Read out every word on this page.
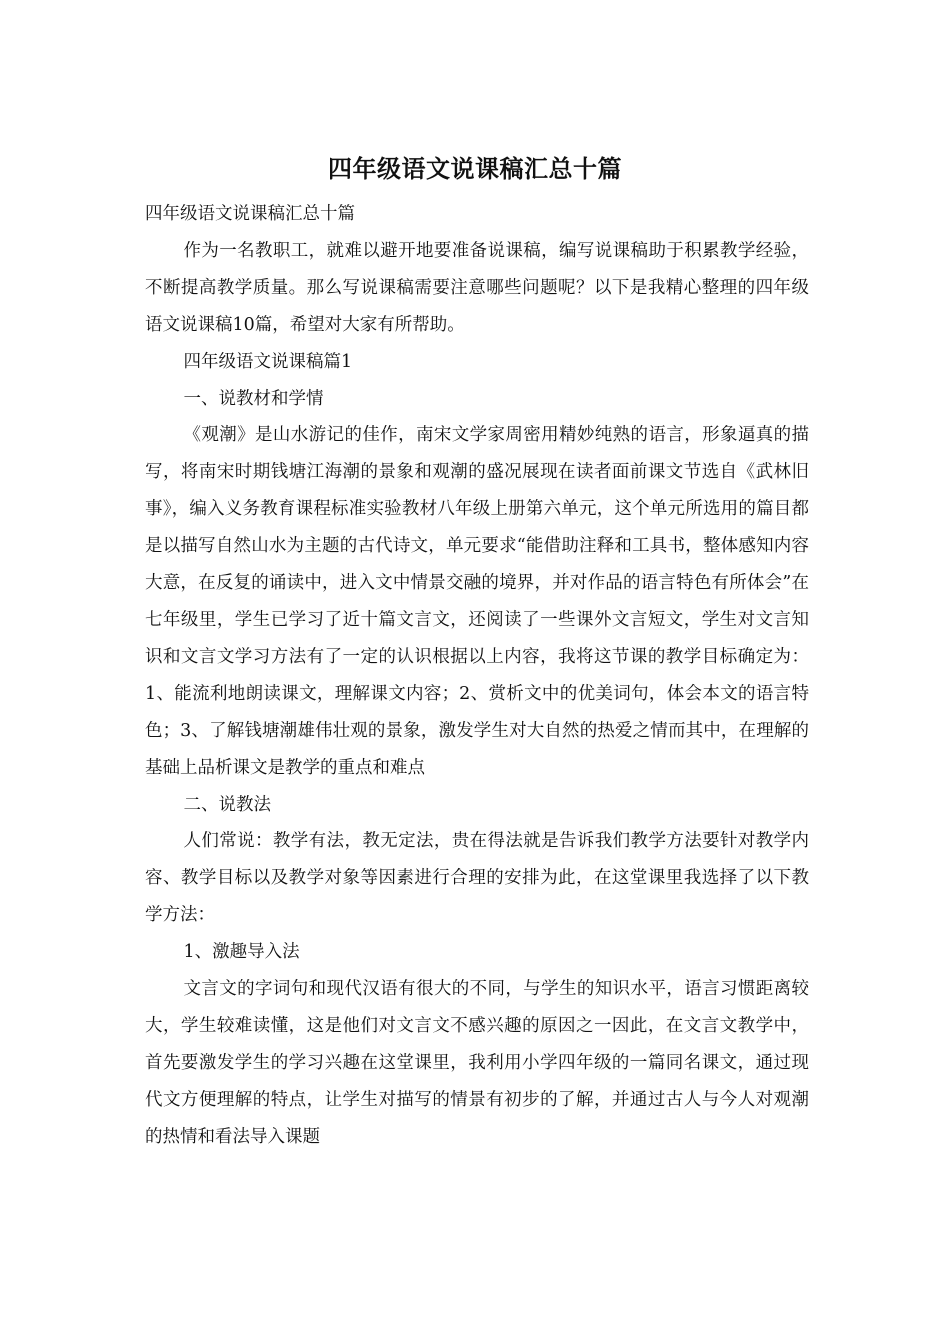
四年级语文说课稿汇总十篇

四年级语文说课稿汇总十篇

作为一名教职工，就难以避开地要准备说课稿，编写说课稿助于积累教学经验，不断提高教学质量。那么写说课稿需要注意哪些问题呢？以下是我精心整理的四年级语文说课稿10篇，希望对大家有所帮助。

四年级语文说课稿篇1

一、说教材和学情

《观潮》是山水游记的佳作，南宋文学家周密用精妙纯熟的语言，形象逼真的描写，将南宋时期钱塘江海潮的景象和观潮的盛况展现在读者面前课文节选自《武林旧事》，编入义务教育课程标准实验教材八年级上册第六单元，这个单元所选用的篇目都是以描写自然山水为主题的古代诗文，单元要求“能借助注释和工具书，整体感知内容大意，在反复的诵读中，进入文中情景交融的境界，并对作品的语言特色有所体会”在七年级里，学生已学习了近十篇文言文，还阅读了一些课外文言短文，学生对文言知识和文言文学习方法有了一定的认识根据以上内容，我将这节课的教学目标确定为：1、能流利地朗读课文，理解课文内容；2、赏析文中的优美词句，体会本文的语言特色；3、了解钱塘潮雄伟壮观的景象，激发学生对大自然的热爱之情而其中，在理解的基础上品析课文是教学的重点和难点

二、说教法

人们常说：教学有法，教无定法，贵在得法就是告诉我们教学方法要针对教学内容、教学目标以及教学对象等因素进行合理的安排为此，在这堂课里我选择了以下教学方法：

1、激趣导入法

文言文的字词句和现代汉语有很大的不同，与学生的知识水平，语言习惯距离较大，学生较难读懂，这是他们对文言文不感兴趣的原因之一因此，在文言文教学中，首先要激发学生的学习兴趣在这堂课里，我利用小学四年级的一篇同名课文，通过现代文方便理解的特点，让学生对描写的情景有初步的了解，并通过古人与今人对观潮的热情和看法导入课题
